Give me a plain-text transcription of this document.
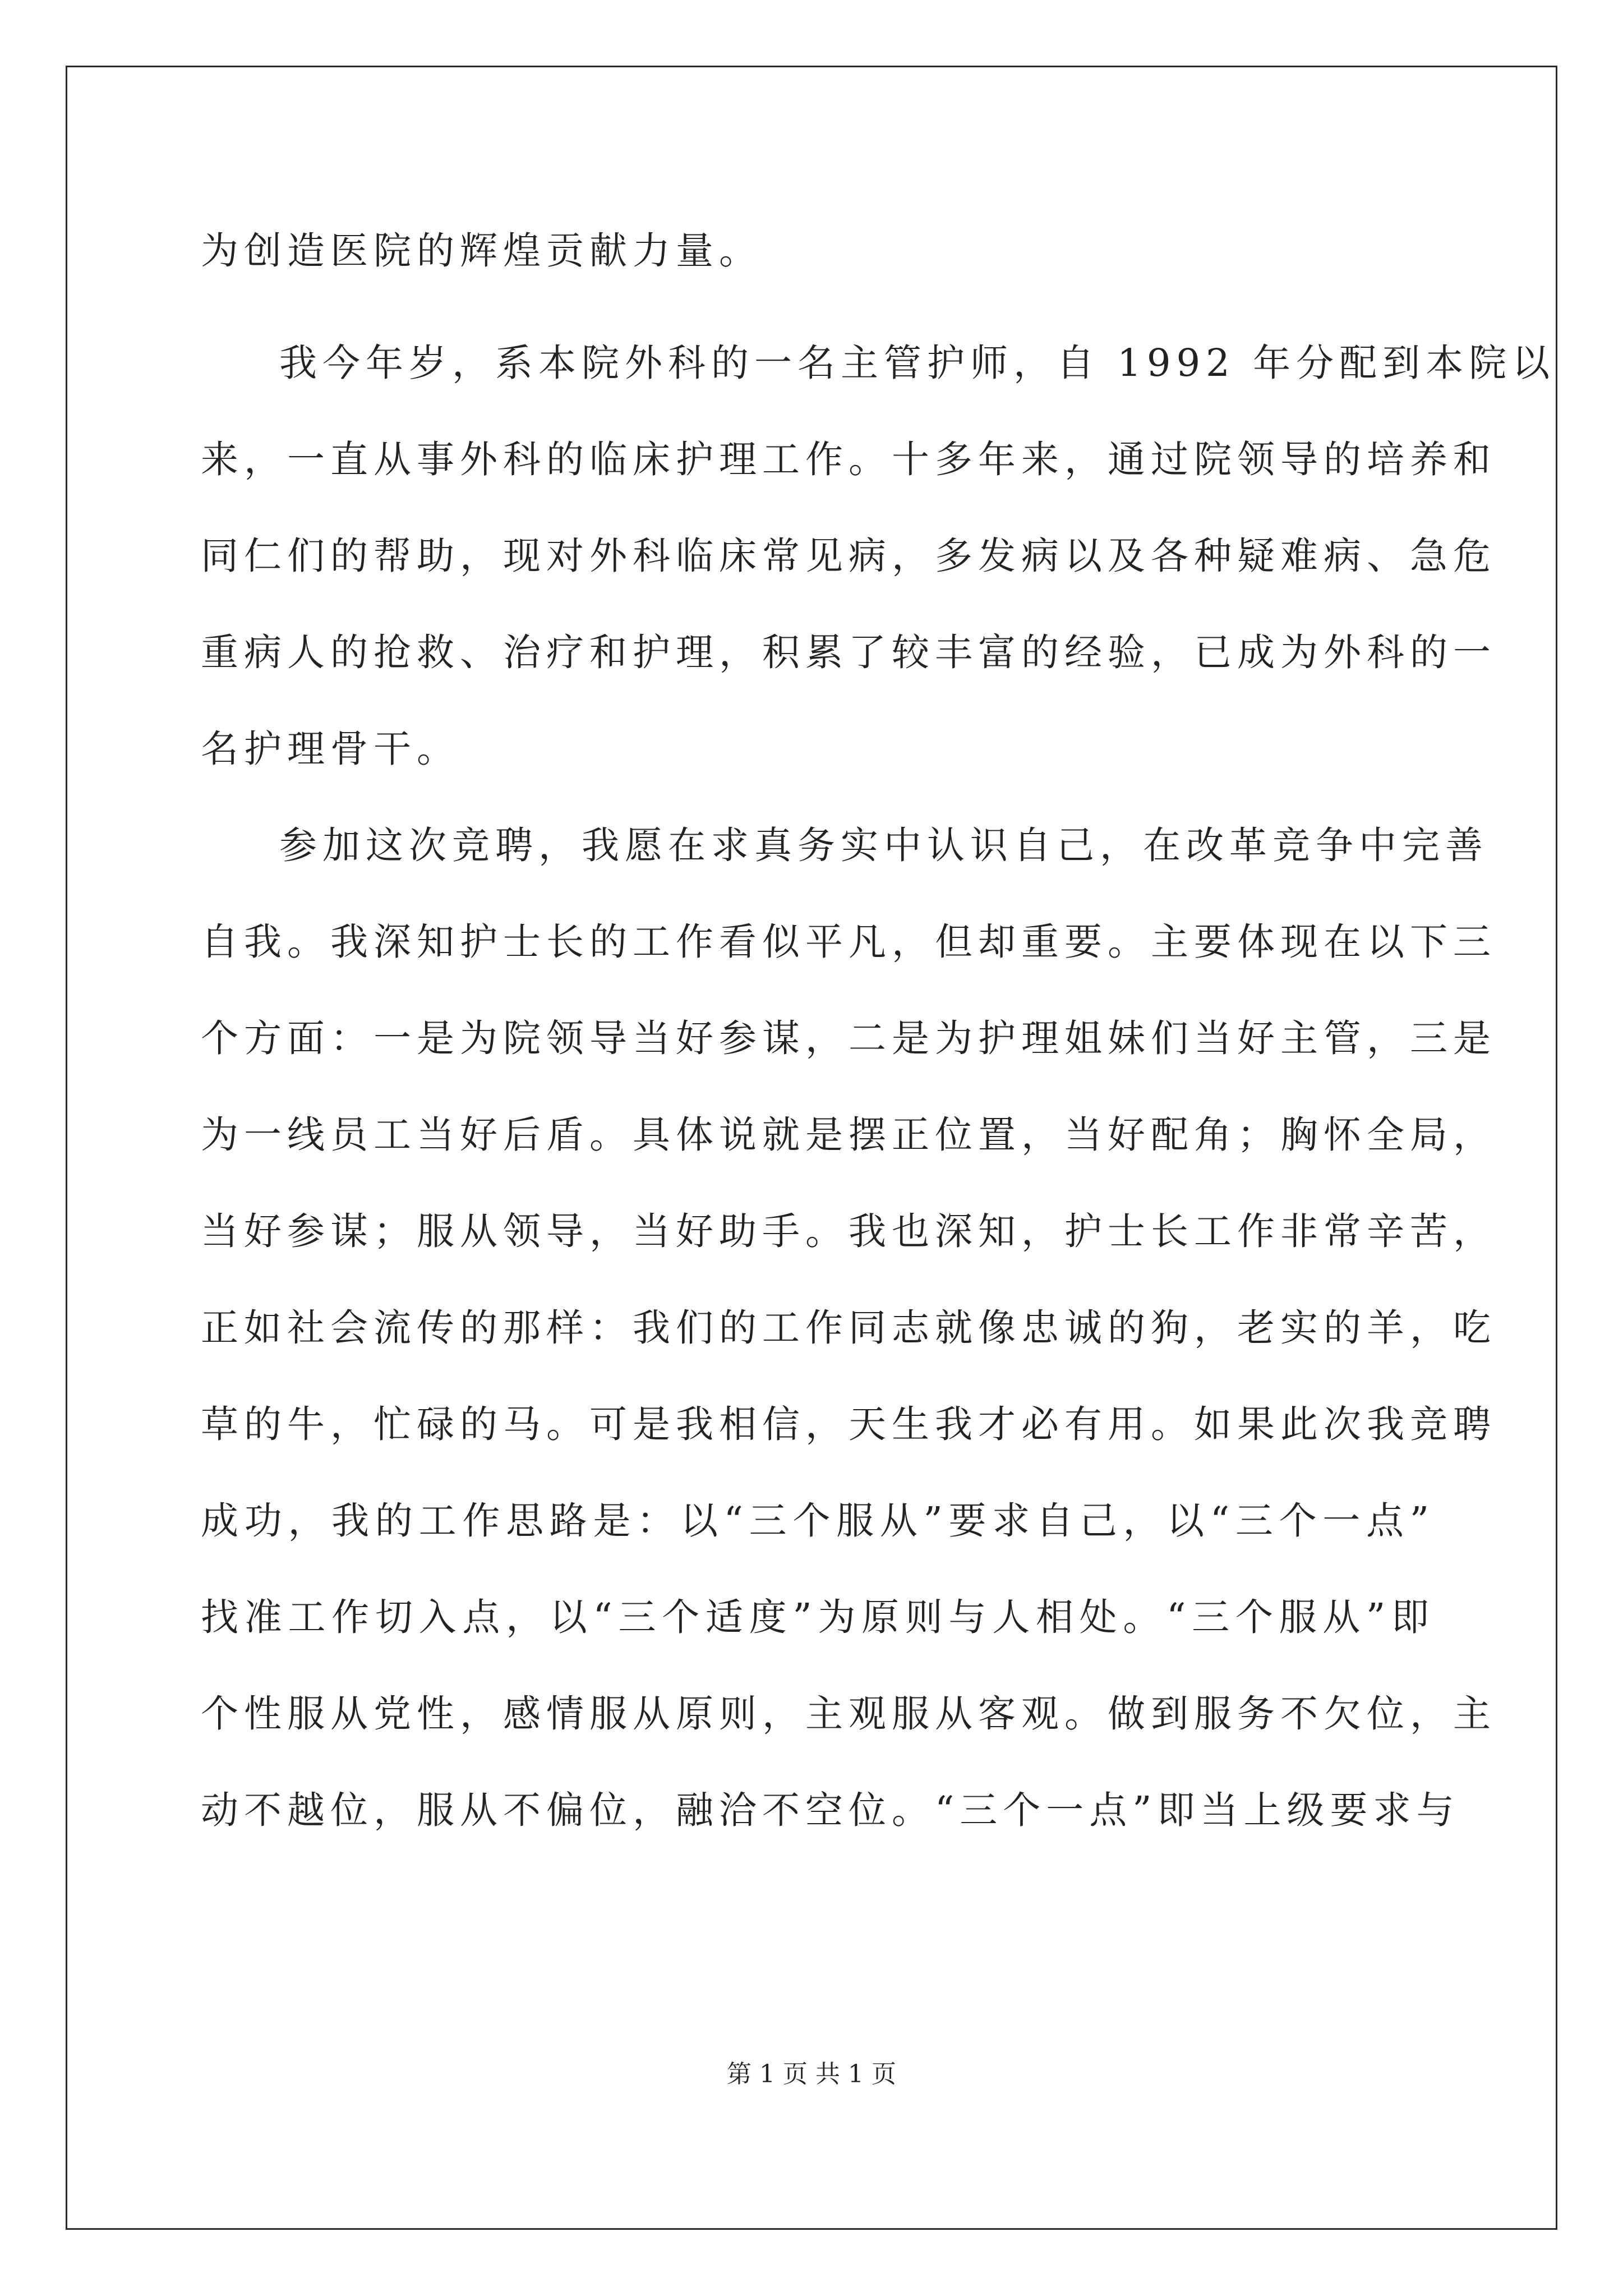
为创造医院的辉煌贡献力量。
我今年岁，系本院外科的一名主管护师，自 1992 年分配到本院以
来，一直从事外科的临床护理工作。十多年来，通过院领导的培养和
同仁们的帮助，现对外科临床常见病，多发病以及各种疑难病、急危
重病人的抢救、治疗和护理，积累了较丰富的经验，已成为外科的一
名护理骨干。
参加这次竞聘，我愿在求真务实中认识自己，在改革竞争中完善
自我。我深知护士长的工作看似平凡，但却重要。主要体现在以下三
个方面：一是为院领导当好参谋，二是为护理姐妹们当好主管，三是
为一线员工当好后盾。具体说就是摆正位置，当好配角；胸怀全局，
当好参谋；服从领导，当好助手。我也深知，护士长工作非常辛苦，
正如社会流传的那样：我们的工作同志就像忠诚的狗，老实的羊，吃
草的牛，忙碌的马。可是我相信，天生我才必有用。如果此次我竞聘
成功，我的工作思路是：以“三个服从”要求自己，以“三个一点”
找准工作切入点，以“三个适度”为原则与人相处。“三个服从”即
个性服从党性，感情服从原则，主观服从客观。做到服务不欠位，主
动不越位，服从不偏位，融洽不空位。“三个一点”即当上级要求与
第 1 页 共 1 页
